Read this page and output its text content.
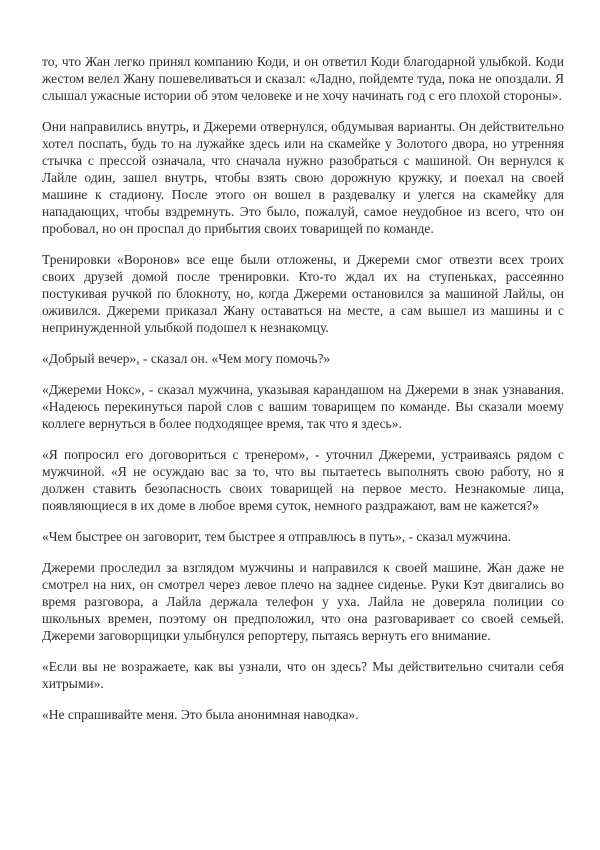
то, что Жан легко принял компанию Коди, и он ответил Коди благодарной улыбкой. Коди жестом велел Жану пошевеливаться и сказал: «Ладно, пойдемте туда, пока не опоздали. Я слышал ужасные истории об этом человеке и не хочу начинать год с его плохой стороны».

Они направились внутрь, и Джереми отвернулся, обдумывая варианты. Он действительно хотел поспать, будь то на лужайке здесь или на скамейке у Золотого двора, но утренняя стычка с прессой означала, что сначала нужно разобраться с машиной. Он вернулся к Лайле один, зашел внутрь, чтобы взять свою дорожную кружку, и поехал на своей машине к стадиону. После этого он вошел в раздевалку и улегся на скамейку для нападающих, чтобы вздремнуть. Это было, пожалуй, самое неудобное из всего, что он пробовал, но он проспал до прибытия своих товарищей по команде.

Тренировки «Воронов» все еще были отложены, и Джереми смог отвезти всех троих своих друзей домой после тренировки. Кто-то ждал их на ступеньках, рассеянно постукивая ручкой по блокноту, но, когда Джереми остановился за машиной Лайлы, он оживился. Джереми приказал Жану оставаться на месте, а сам вышел из машины и с непринужденной улыбкой подошел к незнакомцу.

«Добрый вечер», - сказал он. «Чем могу помочь?»

«Джереми Нокс», - сказал мужчина, указывая карандашом на Джереми в знак узнавания. «Надеюсь перекинуться парой слов с вашим товарищем по команде. Вы сказали моему коллеге вернуться в более подходящее время, так что я здесь».

«Я попросил его договориться с тренером», - уточнил Джереми, устраиваясь рядом с мужчиной. «Я не осуждаю вас за то, что вы пытаетесь выполнять свою работу, но я должен ставить безопасность своих товарищей на первое место. Незнакомые лица, появляющиеся в их доме в любое время суток, немного раздражают, вам не кажется?»

«Чем быстрее он заговорит, тем быстрее я отправлюсь в путь», - сказал мужчина.

Джереми проследил за взглядом мужчины и направился к своей машине. Жан даже не смотрел на них, он смотрел через левое плечо на заднее сиденье. Руки Кэт двигались во время разговора, а Лайла держала телефон у уха. Лайла не доверяла полиции со школьных времен, поэтому он предположил, что она разговаривает со своей семьей. Джереми заговорщицки улыбнулся репортеру, пытаясь вернуть его внимание.

«Если вы не возражаете, как вы узнали, что он здесь? Мы действительно считали себя хитрыми».

«Не спрашивайте меня. Это была анонимная наводка».
